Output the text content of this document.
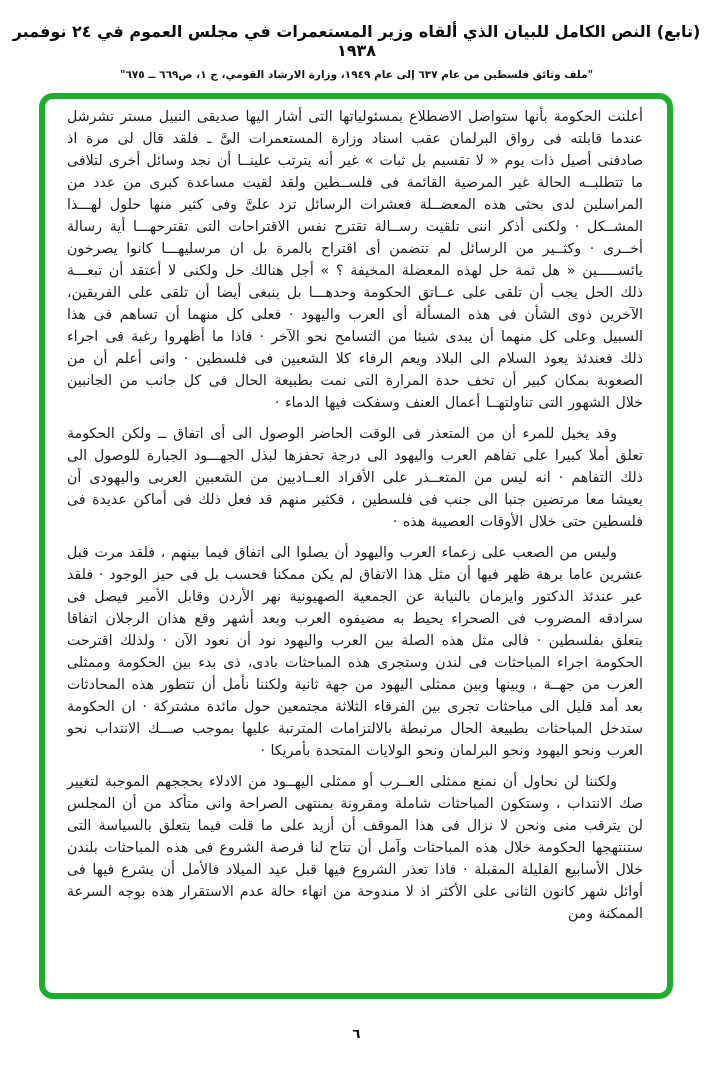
(تابع) النص الكامل للبيان الذي ألقاه وزير المستعمرات في مجلس العموم في ٢٤ نوفمبر ١٩٣٨
"ملف وثائق فلسطين من عام ٦٣٧ إلى عام ١٩٤٩، وزارة الارشاد القومي، ج ١، ص٦٦٩ ــ ٦٧٥"

أعلنت الحكومة بأنها ستواصل الاضطلاع بمسئولياتها التى أشار اليها صديقى النبيل مستر تشرشل عندما قابلته فى رواق البرلمان عقب اسناد وزارة المستعمرات الىَّ ـ فلقد قال لى مرة اذ صادفنى أصيل ذات يوم « لا تقسيم بل ثبات » غير أنه يترتب علينــا أن نجد وسائل أخرى لتلافى ما تتطلبــه الحالة غير المرضية القائمة فى فلســطين ولقد لقيت مساعدة كبرى من عدد من المراسلين لدى بحثى هذه المعضــلة فعشرات الرسائل ترد علىَّ وفى كثير منها حلول لهـــذا المشــكل · ولكنى أذكر اننى تلقيت رســالة تقترح نفس الاقتراحات التى تقترحهـــا أية رسالة أخــرى · وكثــير من الرسائل لم تتضمن أى اقتراح بالمرة بل ان مرسليهـــا كانوا يصرخون يائســـــين « هل ثمة حل لهذه المعضلة المخيفة ؟ » أجل هنالك حل ولكنى لا أعتقد أن تبعـــة ذلك الحل يجب أن تلقى على عــاتق الحكومة وحدهـــا بل ينبغى أيضا أن تلقى على الفريقين، الآخرين ذوى الشأن فى هذه المسألة أى العرب واليهود · فعلى كل منهما أن تساهم فى هذا السبيل وعلى كل منهما أن يبدى شيئا من التسامح نحو الآخر · فاذا ما أظهروا رغبة فى اجراء ذلك فعندئذ يعود السلام الى البلاد ويعم الرفاء كلا الشعبين فى فلسطين · وانى أعلم أن من الصعوبة بمكان كبير أن تخف حدة المرارة التى نمت بطبيعة الحال فى كل جانب من الجانبين خلال الشهور التى تناولتهــا أعمال العنف وسفكت فيها الدماء ·

وقد يخيل للمرء أن من المتعذر فى الوقت الحاضر الوصول الى أى اتفاق ــ ولكن الحكومة تعلق أملا كبيرا على تفاهم العرب واليهود الى درجة تحفزها لبذل الجهـــود الجبارة للوصول الى ذلك التفاهم · انه ليس من المتعــذر على الأفراد العــاديين من الشعبين العربى واليهودى أن يعيشا معا مرتضين جنبا الى جنب فى فلسطين ، فكثير منهم قد فعل ذلك فى أماكن عديدة فى فلسطين حتى خلال الأوقات العصيبة هذه ·

وليس من الصعب على زعماء العرب واليهود أن يصلوا الى اتفاق فيما بينهم ، فلقد مرت قبل عشرين عاما برهة ظهر فيها أن مثل هذا الاتفاق لم يكن ممكنا فحسب بل فى حيز الوجود · فلقد عبر عندئذ الدكتور وايزمان بالنيابة عن الجمعية الصهيونية نهر الأردن وقابل الأمير فيصل فى سرادقه المضروب فى الصحراء يحيط به مضيفوه العرب وبعد أشهر وقع هذان الرجلان اتفاقا يتعلق بفلسطين · فالى مثل هذه الصلة بين العرب واليهود نود أن نعود الآن · ولذلك اقترحت الحكومة اجراء المباحثات فى لندن وستجرى هذه المباحثات بادى، ذى بدء بين الحكومة وممثلى العرب من جهــة ، وبينها وبين ممثلى اليهود من جهة ثانية ولكننا نأمل أن تتطور هذه المحادثات بعد أمد قليل الى مباحثات تجرى بين الفرقاء الثلاثة مجتمعين حول مائدة مشتركة · ان الحكومة ستدخل المباحثات بطبيعة الحال مرتبطة بالالتزامات المترتبة عليها بموجب صـــك الانتداب نحو العرب ونحو اليهود ونحو البرلمان ونحو الولايات المتحدة بأمريكا ·

ولكننا لن نحاول أن نمنع ممثلى العــرب أو ممثلى اليهــود من الادلاء بحججهم الموجبة لتغيير صك الانتداب ، وستكون المباحثات شاملة ومقرونة بمنتهى الصراحة وانى متأكد من أن المجلس لن يترقب منى ونحن لا نزال فى هذا الموقف أن أزيد على ما قلت فيما يتعلق بالسياسة التى ستنتهجها الحكومة خلال هذه المباحثات وآمل أن تتاح لنا فرصة الشروع فى هذه المباحثات بلندن خلال الأسابيع القليلة المقبلة · فاذا تعذر الشروع فيها قبل عيد الميلاد فالأمل أن يشرع فيها فى أوائل شهر كانون الثانى على الأكثر اذ لا مندوحة من انهاء حالة عدم الاستقرار هذه بوجه السرعة الممكنة ومن

٦
